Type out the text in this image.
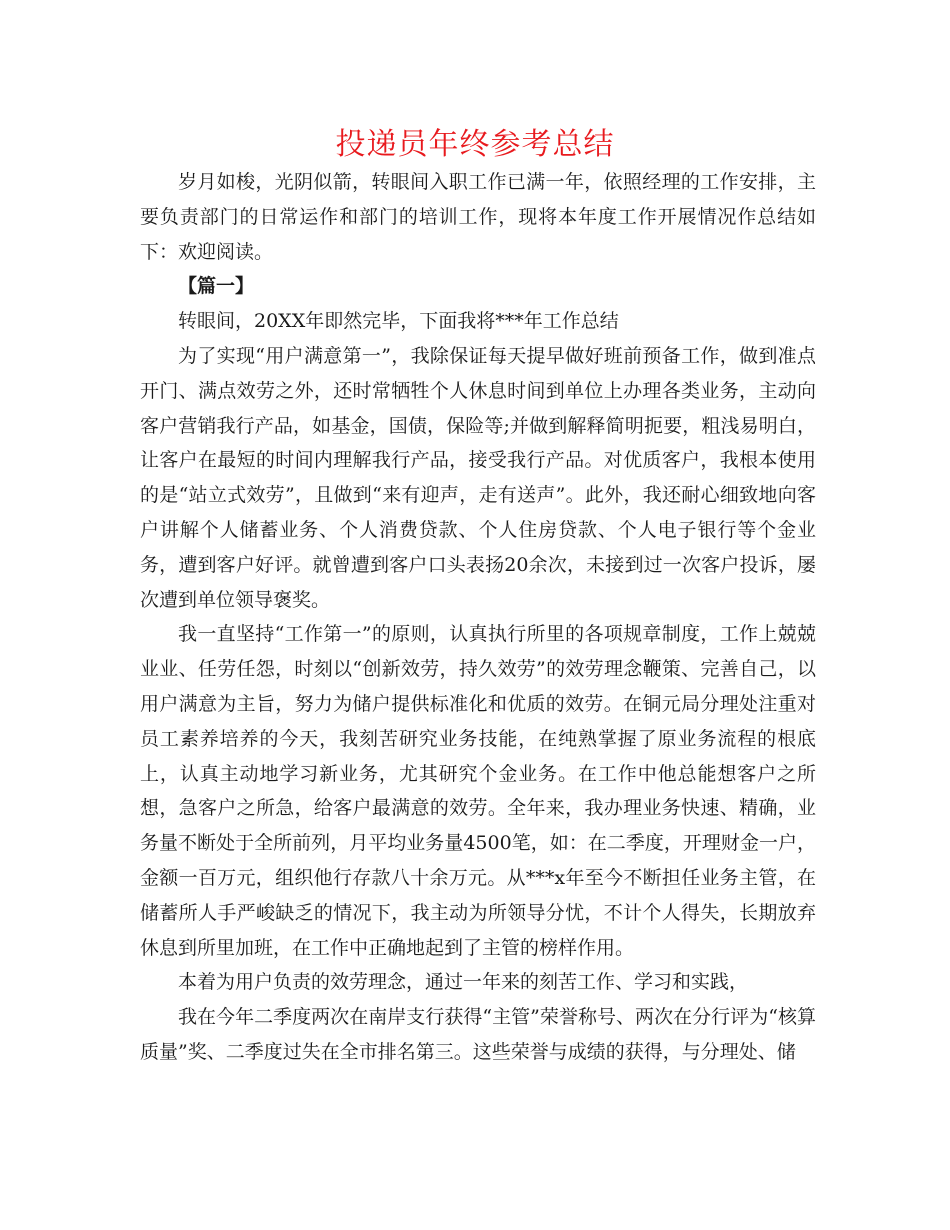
投递员年终参考总结

岁月如梭，光阴似箭，转眼间入职工作已满一年，依照经理的工作安排，主要负责部门的日常运作和部门的培训工作，现将本年度工作开展情况作总结如下：欢迎阅读。

【篇一】

转眼间，20XX年即然完毕，下面我将***年工作总结

为了实现“用户满意第一”，我除保证每天提早做好班前预备工作，做到准点开门、满点效劳之外，还时常牺牲个人休息时间到单位上办理各类业务，主动向客户营销我行产品，如基金，国债，保险等;并做到解释简明扼要，粗浅易明白，让客户在最短的时间内理解我行产品，接受我行产品。对优质客户，我根本使用的是“站立式效劳”，且做到“来有迎声，走有送声”。此外，我还耐心细致地向客户讲解个人储蓄业务、个人消费贷款、个人住房贷款、个人电子银行等个金业务，遭到客户好评。就曾遭到客户口头表扬20余次，未接到过一次客户投诉，屡次遭到单位领导褒奖。

我一直坚持“工作第一”的原则，认真执行所里的各项规章制度，工作上兢兢业业、任劳任怨，时刻以“创新效劳，持久效劳”的效劳理念鞭策、完善自己，以用户满意为主旨，努力为储户提供标准化和优质的效劳。在铜元局分理处注重对员工素养培养的今天，我刻苦研究业务技能，在纯熟掌握了原业务流程的根底上，认真主动地学习新业务，尤其研究个金业务。在工作中他总能想客户之所想，急客户之所急，给客户最满意的效劳。全年来，我办理业务快速、精确，业务量不断处于全所前列，月平均业务量4500笔，如：在二季度，开理财金一户，金额一百万元，组织他行存款八十余万元。从***x年至今不断担任业务主管，在储蓄所人手严峻缺乏的情况下，我主动为所领导分忧，不计个人得失，长期放弃休息到所里加班，在工作中正确地起到了主管的榜样作用。

本着为用户负责的效劳理念，通过一年来的刻苦工作、学习和实践，

我在今年二季度两次在南岸支行获得“主管”荣誉称号、两次在分行评为“核算质量”奖、二季度过失在全市排名第三。这些荣誉与成绩的获得，与分理处、储
